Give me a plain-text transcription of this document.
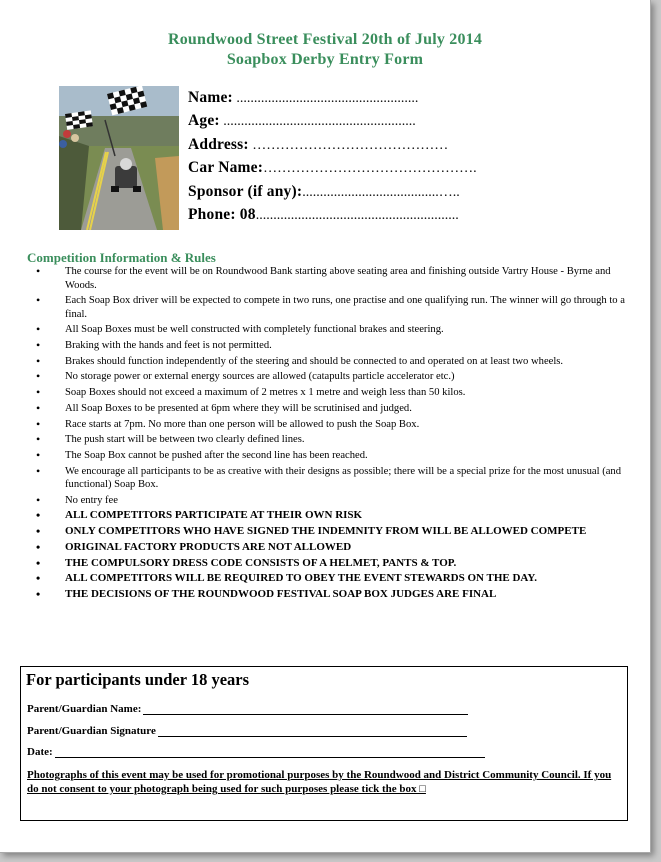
Roundwood Street Festival 20th of July 2014
Soapbox Derby Entry Form
Name: ....................................................
Age: .......................................................
Address: ……………………………………
Car Name:……………………………………….
Sponsor (if any):.......................................…..
Phone: 08..........................................................
Competition Information & Rules
• The course for the event will be on Roundwood Bank starting above seating area and finishing outside Vartry House - Byrne and Woods.
• Each Soap Box driver will be expected to compete in two runs, one practise and one qualifying run. The winner will go through to a final.
• All Soap Boxes must be well constructed with completely functional brakes and steering.
• Braking with the hands and feet is not permitted.
• Brakes should function independently of the steering and should be connected to and operated on at least two wheels.
• No storage power or external energy sources are allowed (catapults particle accelerator etc.)
• Soap Boxes should not exceed a maximum of 2 metres x 1 metre and weigh less than 50 kilos.
• All Soap Boxes to be presented at 6pm where they will be scrutinised and judged.
• Race starts at 7pm. No more than one person will be allowed to push the Soap Box.
• The push start will be between two clearly defined lines.
• The Soap Box cannot be pushed after the second line has been reached.
• We encourage all participants to be as creative with their designs as possible; there will be a special prize for the most unusual (and functional) Soap Box.
• No entry fee
• ALL COMPETITORS PARTICIPATE AT THEIR OWN RISK
• ONLY COMPETITORS WHO HAVE SIGNED THE INDEMNITY FROM WILL BE ALLOWED COMPETE
• ORIGINAL FACTORY PRODUCTS ARE NOT ALLOWED
• THE COMPULSORY DRESS CODE CONSISTS OF A HELMET, PANTS & TOP.
• ALL COMPETITORS WILL BE REQUIRED TO OBEY THE EVENT STEWARDS ON THE DAY.
• THE DECISIONS OF THE ROUNDWOOD FESTIVAL SOAP BOX JUDGES ARE FINAL
For participants under 18 years
Parent/Guardian Name:
Parent/Guardian Signature
Date:
Photographs of this event may be used for promotional purposes by the Roundwood and District Community Council. If you do not consent to your photograph being used for such purposes please tick the box □
